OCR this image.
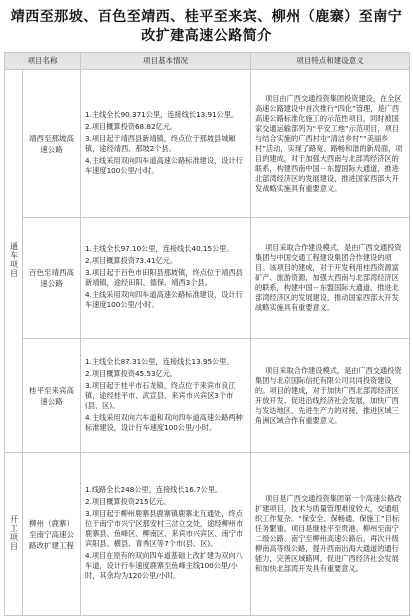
靖西至那坡、百色至靖西、桂平至来宾、柳州（鹿寨）至南宁
改扩建高速公路简介
项目名称		项目基本情况	项目特点和建设意义
通车项目	靖西至那坡高速公路	1.主线全长90.371公里，连接线长13.91公里。

2.项目概算投资68.82亿元。

3.项目起于靖西县新靖镇，终点位于那坡县城厢镇，途经靖西、那坡2个县。

4.主线采用双向四车道高速公路标准建设，设计行车速度100公里/小时。	项目由广西交通投资集团投资建设，在全区高速公路建设中首次推行“四化”管理，是广西高速公路标准化施工的示范性项目，同时被国家交通运输部列为“平安工地”示范项目，项目与结合实施的广西村屯“清洁乡村”“美丽乡村”活动，实现了路宽、路畅和谐的新局面，项目的建成，对于加强大西南与北部湾经济区的联系，构建西南中国－东盟国际大通道，推进北部湾经济区的发展建设，推进国家西部大开发战略实施具有重要意义。
	百色至靖西高速公路	1.主线全长97.10公里，连接线长40.15公里。

2.项目概算投资73.41亿元。

3.项目起于百色市田阳县那坡镇，终点位于靖西县新靖镇，途经田阳、德保、靖西3个县。

4.主线采用双向四车道高速公路标准建设，设计行车速度100公里/小时。	项目采取合作建设模式，是由广西交通投资集团与中国交通工程建设集团合作建设的项目。该项目的建成，对于开发利用桂西资源富矿产、旅游资源，加强大西南与北部湾经济区的联系，构建中国－东盟国际大通道，推进北部湾经济区的发展建设，推动国家西部大开发战略实施具有重要意义。
	桂平至来宾高速公路	1.主线全长87.31公里，连接线长13.95公里。

2.项目概算投资45.53亿元。

3.项目起于桂平市石龙镇，终点位于来宾市良江镇，途经桂平市、武宣县、来宾市兴宾区3个市(县、区)。

4.主线采用双向六车道和双向四车道高速公路两种标准建设，设计行车速度100公里/小时。	项目采取合作建设模式，是由广西交通投资集团与北京国际信托有限公司共同投资建设的。项目的建成，对于加快广西北部湾经济区开放开发、促进沿线经济社会发展，加快广西与发达地区、先进生产力的对接，推进区域三角洲区域合作有重要意义。
开工项目	柳州（鹿寨）至南宁高速公路改扩建工程	1.线路全长248公里，连接线长16.7公里。

2.项目概算投资215亿元。

3.项目起于柳州鹿寨县鹿寨镇鹿寨北互通处，终点位于南宁市兴宁区那安村三岔立交处，途经柳州市鹿寨县、鱼峰区、柳南区、来宾市兴宾区、南宁市宾阳县、横县、青秀区等7个市(县、区)。

4.项目在原有的双向四车道基础上改扩建为双向八车道，设计行车速度鹿寨至鱼峰主线100公里/小时，其余均为120公里/小时。	项目是广西交通投资集团第一个高速公路改扩建项目，技术与质量管理难度较大，交通组织工作复杂。“保安全、保畅通、保施工”目标任务繁重。项目是继桂平至贵港、柳州至南宁二级公路、南宁至柳州高速公路后，再次升级柳南高等级公路，提升西南出海大通道的通行能力，完善区域路网，促进广西经济社会发展和加快北部湾开发具有重要意义。
